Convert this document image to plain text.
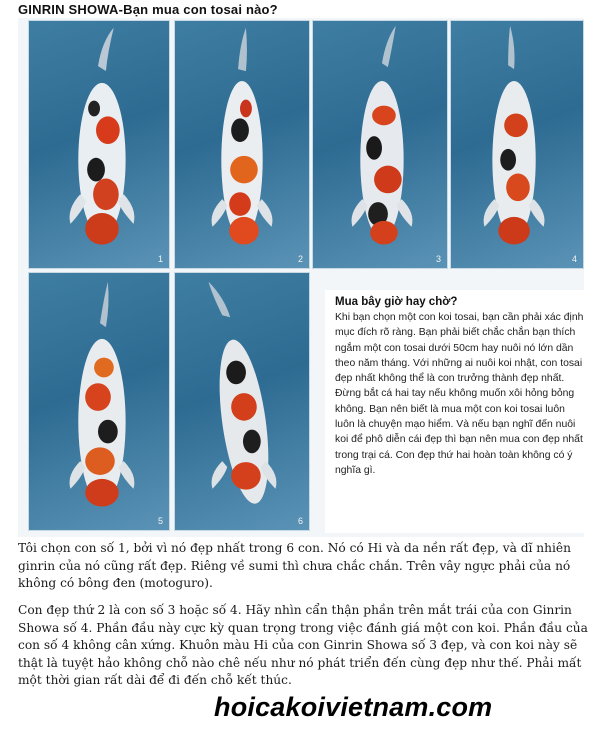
GINRIN SHOWA-Bạn mua con tosai nào?
1	2	3	4
5	6

Mua bây giờ hay chờ?

Khi bạn chọn một con koi tosai, bạn cần phải xác định mục đích rõ ràng. Bạn phải biết chắc chắn bạn thích ngắm một con tosai dưới 50cm hay nuôi nó lớn dần theo năm tháng. Với những ai nuôi koi nhật, con tosai đẹp nhất không thể là con trưởng thành đẹp nhất. Đừng bắt cá hai tay nếu không muốn xôi hỏng bỏng không. Bạn nên biết là mua một con koi tosai luôn luôn là chuyện mạo hiểm. Và nếu bạn nghĩ đến nuôi koi để phô diễn cái đẹp thì bạn nên mua con đẹp nhất trong trại cá. Con đẹp thứ hai hoàn toàn không có ý nghĩa gì.

Tôi chọn con số 1, bởi vì nó đẹp nhất trong 6 con. Nó có Hi và da nền rất đẹp, và dĩ nhiên ginrin của nó cũng rất đẹp. Riêng về sumi thì chưa chắc chắn. Trên vây ngực phải của nó không có bông đen (motoguro).

Con đẹp thứ 2 là con số 3 hoặc số 4. Hãy nhìn cẩn thận phần trên mắt trái của con Ginrin Showa số 4. Phần đầu này cực kỳ quan trọng trong việc đánh giá một con koi. Phần đầu của con số 4 không cân xứng. Khuôn màu Hi của con Ginrin Showa số 3 đẹp, và con koi này sẽ thật là tuyệt hảo không chỗ nào chê nếu như nó phát triển đến cùng đẹp như thế. Phải mất một thời gian rất dài để đi đến chỗ kết thúc.

hoicakoivietnam.com
